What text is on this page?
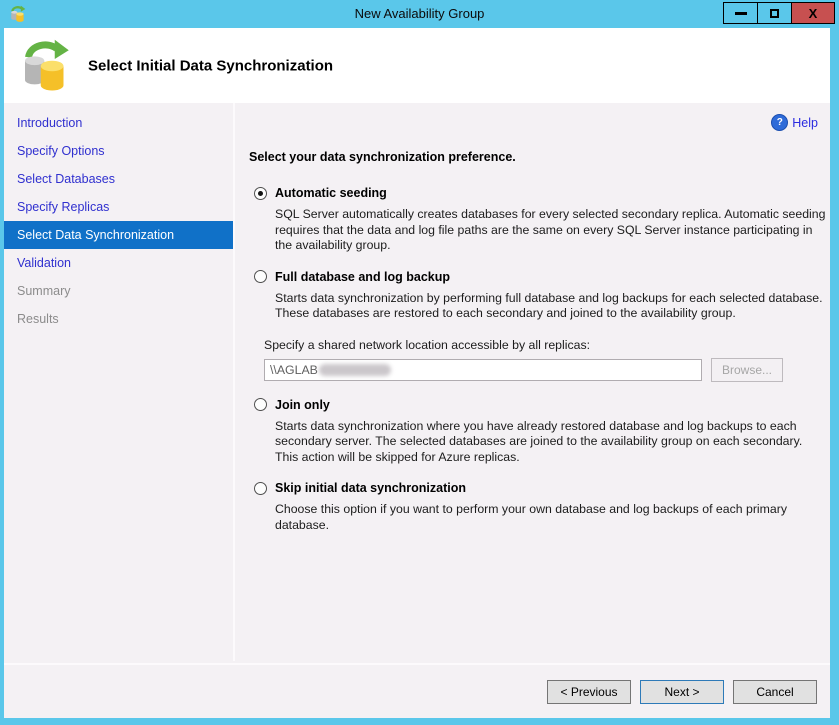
New Availability Group	X
Select Initial Data Synchronization
Introduction
Specify Options
Select Databases
Specify Replicas
Select Data Synchronization
Validation
Summary
Results
? Help
Select your data synchronization preference.
Automatic seeding
SQL Server automatically creates databases for every selected secondary replica. Automatic seeding requires that the data and log file paths are the same on every SQL Server instance participating in the availability group.
Full database and log backup
Starts data synchronization by performing full database and log backups for each selected database. These databases are restored to each secondary and joined to the availability group.
Specify a shared network location accessible by all replicas:
\\AGLAB	Browse...
Join only
Starts data synchronization where you have already restored database and log backups to each secondary server. The selected databases are joined to the availability group on each secondary. This action will be skipped for Azure replicas.
Skip initial data synchronization
Choose this option if you want to perform your own database and log backups of each primary database.
< Previous	Next >	Cancel
